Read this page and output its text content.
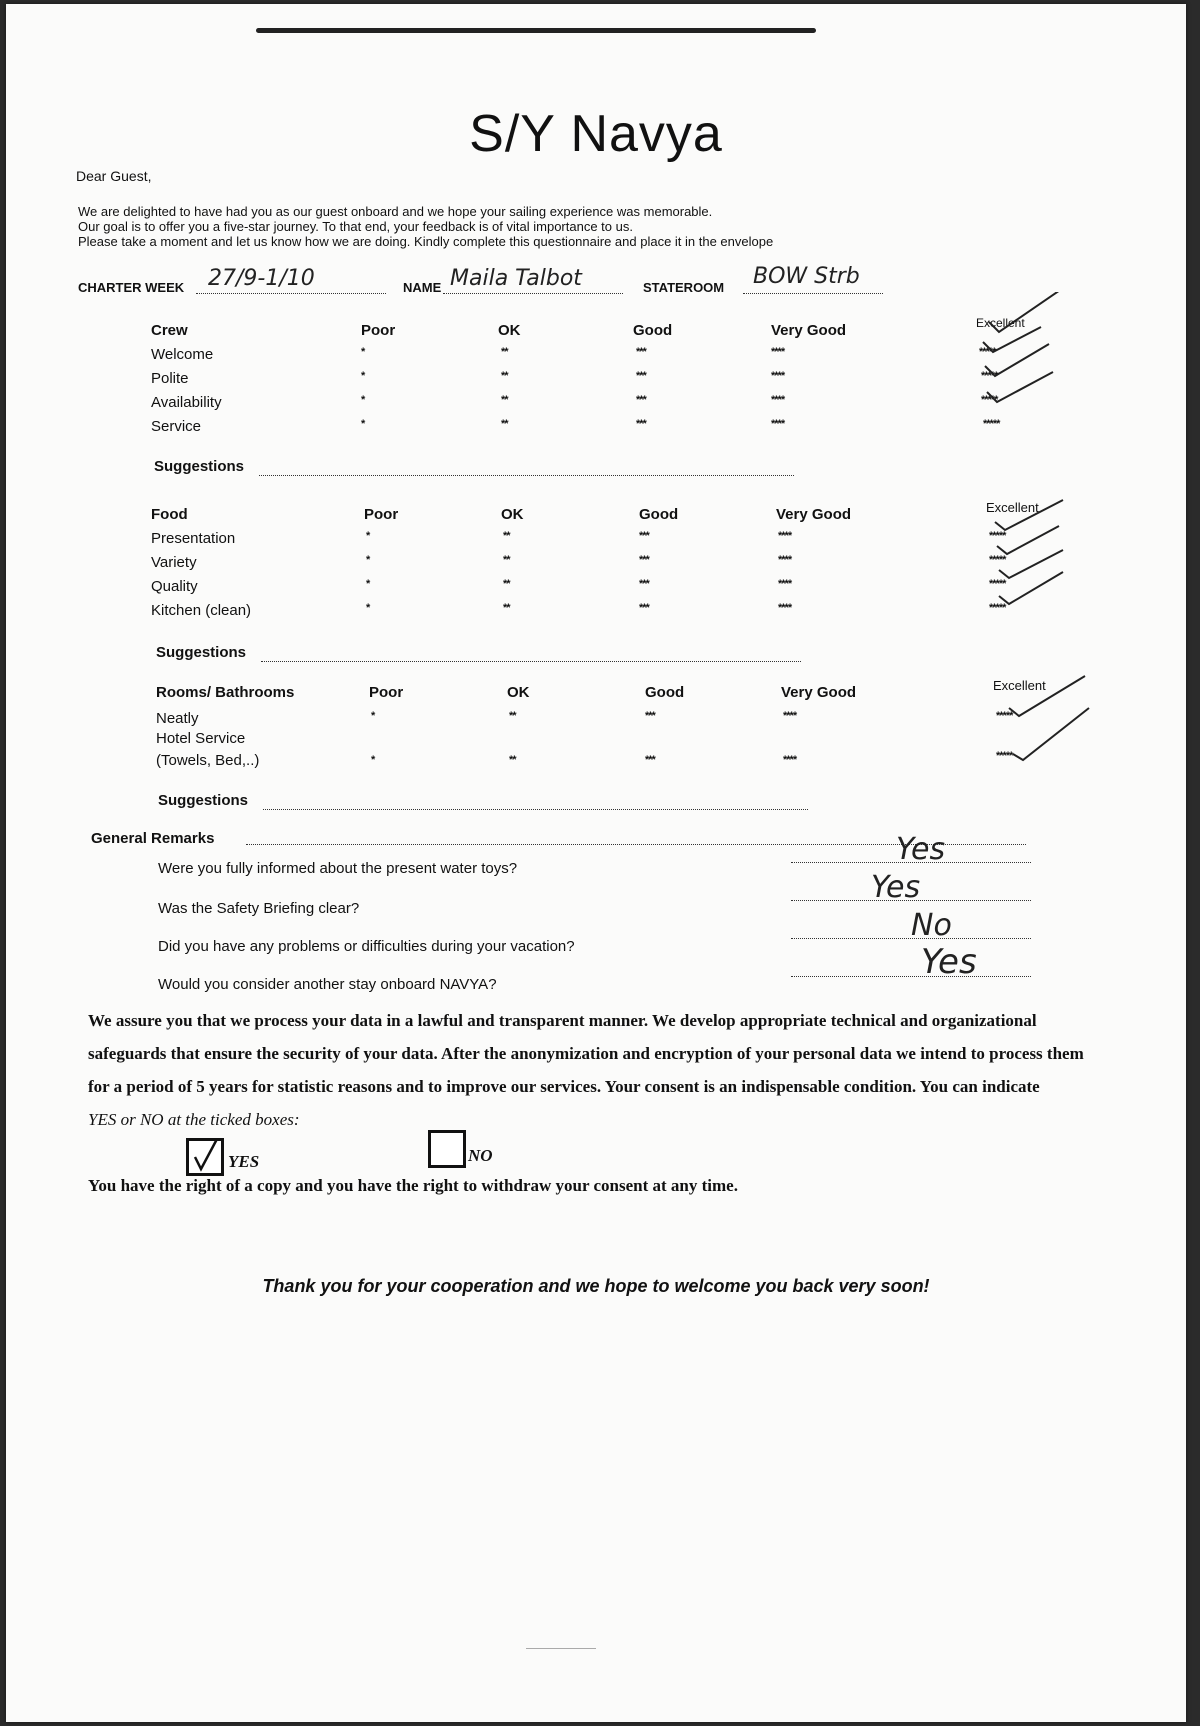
S/Y Navya
Dear Guest,
We are delighted to have had you as our guest onboard and we hope your sailing experience was memorable.
Our goal is to offer you a five-star journey. To that end, your feedback is of vital importance to us.
Please take a moment and let us know how we are doing. Kindly complete this questionnaire and place it in the envelope
CHARTER WEEK 27/9-1/10	NAME Maila Talbot	STATEROOM BOW Strb
Crew	Poor	OK	Good	Very Good	Excellent
Welcome	*	**	***	****	*****
Polite	*	**	***	****	*****
Availability	*	**	***	****	*****
Service	*	**	***	****	*****
Suggestions
Food	Poor	OK	Good	Very Good	Excellent
Presentation	*	**	***	****	*****
Variety	*	**	***	****	*****
Quality	*	**	***	****	*****
Kitchen (clean)	*	**	***	****	*****
Suggestions
Rooms/ Bathrooms	Poor	OK	Good	Very Good	Excellent
Neatly	*	**	***	****	*****
Hotel Service
(Towels, Bed,..)	*	**	***	****	*****
Suggestions
General Remarks
Were you fully informed about the present water toys?
Yes
Was the Safety Briefing clear?
Yes
Did you have any problems or difficulties during your vacation?
No
Would you consider another stay onboard NAVYA?
Yes
We assure you that we process your data in a lawful and transparent manner. We develop appropriate technical and organizational
safeguards that ensure the security of your data. After the anonymization and encryption of your personal data we intend to process them
for a period of 5 years for statistic reasons and to improve our services. Your consent is an indispensable condition. You can indicate
YES or NO at the ticked boxes:
YES	NO
You have the right of a copy and you have the right to withdraw your consent at any time.
Thank you for your cooperation and we hope to welcome you back very soon!
